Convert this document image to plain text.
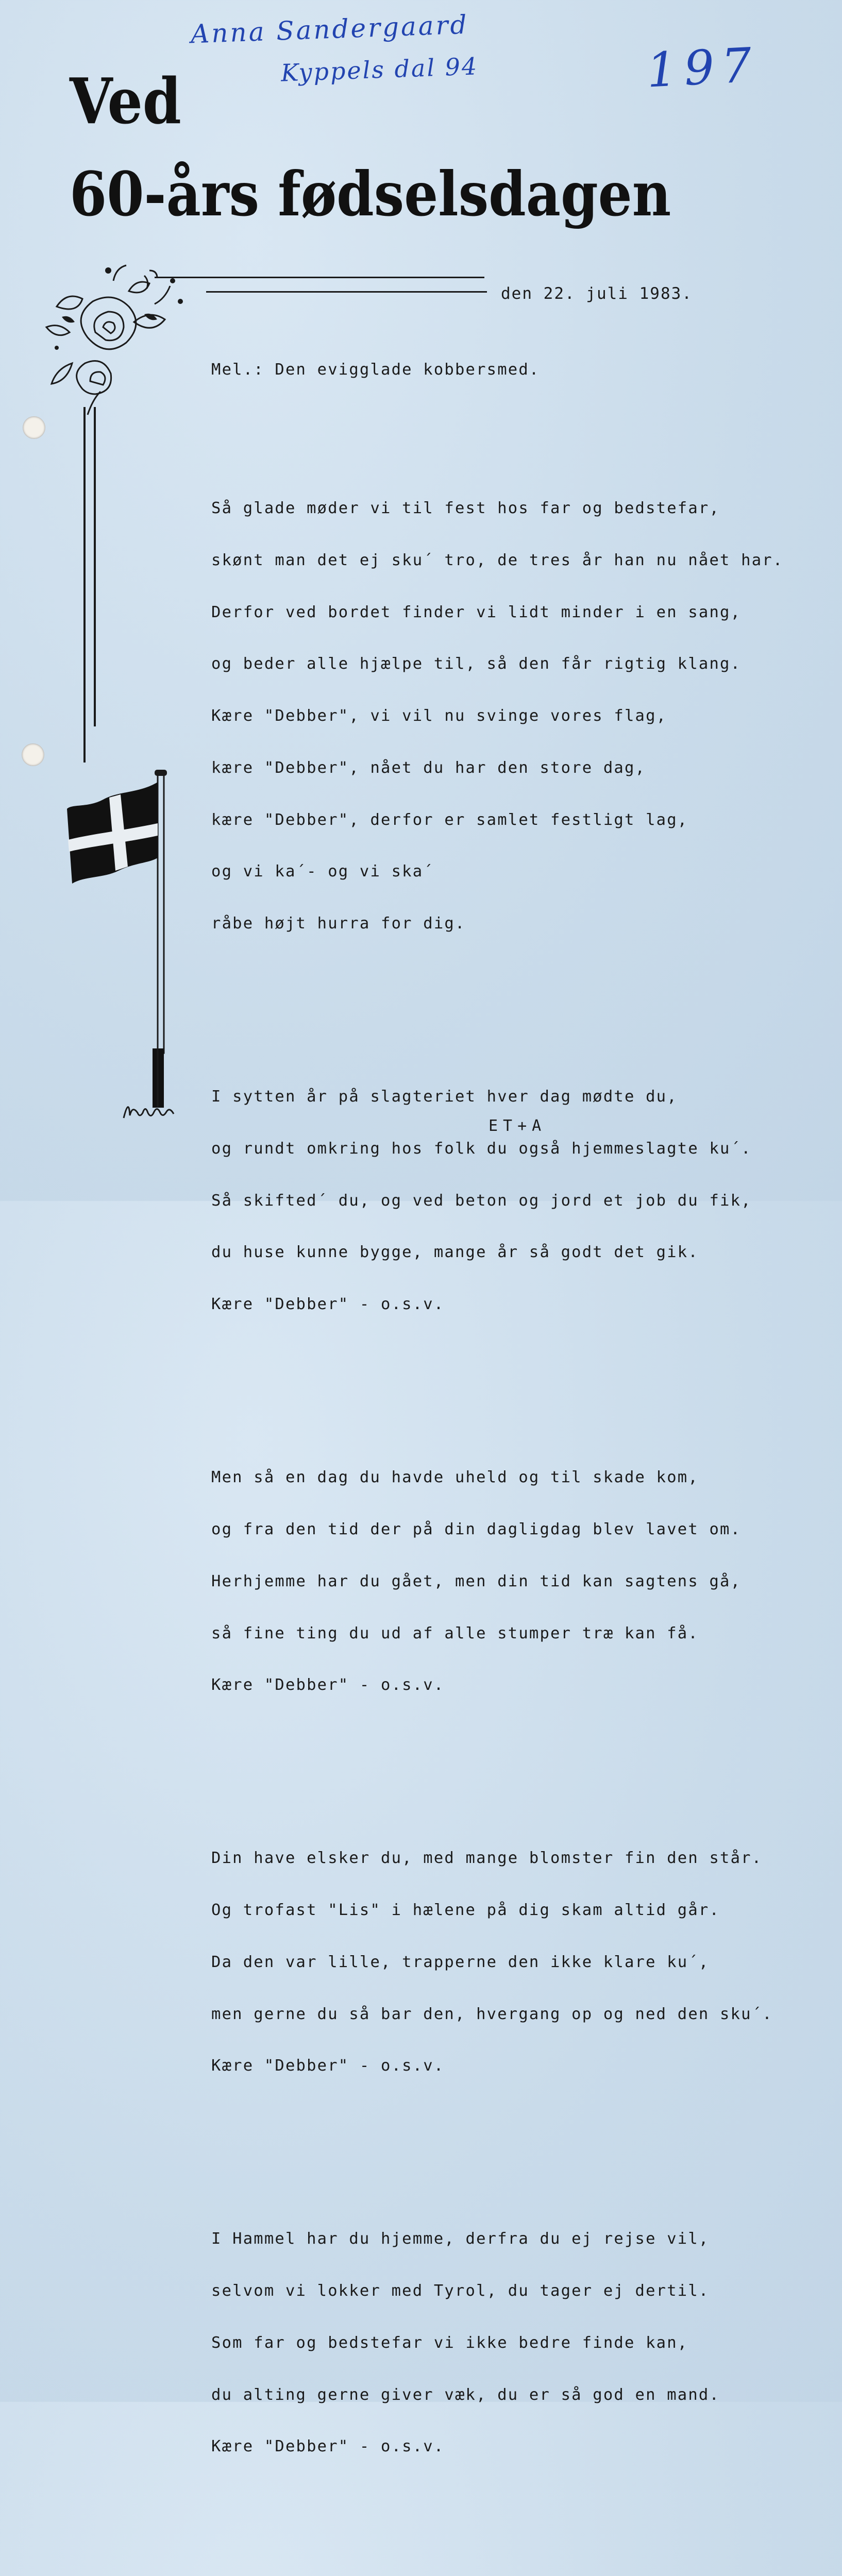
Anna Sandergaard
Kyppels dal 94	197
Ved
60-års fødselsdagen
den 22. juli 1983.

Mel.: Den evigglade kobbersmed.

Så glade møder vi til fest hos far og bedstefar,

skønt man det ej sku´ tro, de tres år han nu nået har.

Derfor ved bordet finder vi lidt minder i en sang,

og beder alle hjælpe til, så den får rigtig klang.

Kære "Debber", vi vil nu svinge vores flag,

kære "Debber", nået du har den store dag,

kære "Debber", derfor er samlet festligt lag,

og vi ka´- og vi ska´

råbe højt hurra for dig.

I sytten år på slagteriet hver dag mødte du,

og rundt omkring hos folk du også hjemmeslagte ku´.

Så skifted´ du, og ved beton og jord et job du fik,

du huse kunne bygge, mange år så godt det gik.

Kære "Debber" - o.s.v.

Men så en dag du havde uheld og til skade kom,

og fra den tid der på din dagligdag blev lavet om.

Herhjemme har du gået, men din tid kan sagtens gå,

så fine ting du ud af alle stumper træ kan få.

Kære "Debber" - o.s.v.

Din have elsker du, med mange blomster fin den står.

Og trofast "Lis" i hælene på dig skam altid går.

Da den var lille, trapperne den ikke klare ku´,

men gerne du så bar den, hvergang op og ned den sku´.

Kære "Debber" - o.s.v.

I Hammel har du hjemme, derfra du ej rejse vil,

selvom vi lokker med Tyrol, du tager ej dertil.

Som far og bedstefar vi ikke bedre finde kan,

du alting gerne giver væk, du er så god en mand.

Kære "Debber" - o.s.v.

ET+A
